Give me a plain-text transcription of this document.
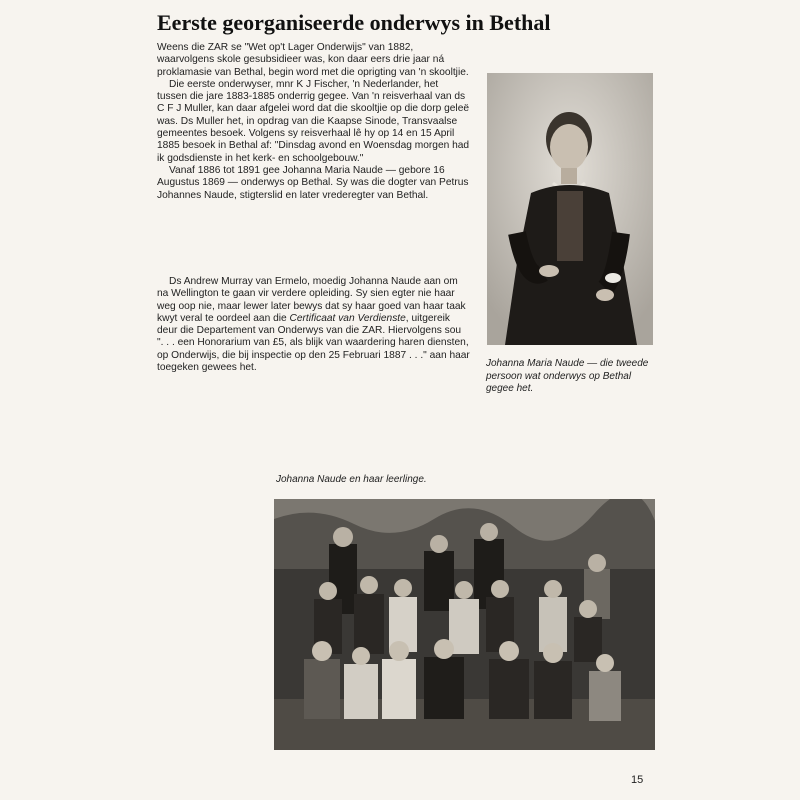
Eerste georganiseerde onderwys in Bethal

Weens die ZAR se "Wet op't Lager Onderwijs" van 1882, waarvolgens skole gesubsidieer was, kon daar eers drie jaar ná proklamasie van Bethal, begin word met die oprigting van 'n skooltjie.

Die eerste onderwyser, mnr K J Fischer, 'n Nederlander, het tussen die jare 1883-1885 onderrig gegee. Van 'n reisverhaal van ds C F J Muller, kan daar afgelei word dat die skooltjie op die dorp geleë was. Ds Muller het, in opdrag van die Kaapse Sinode, Transvaalse gemeentes besoek. Volgens sy reisverhaal lê hy op 14 en 15 April 1885 besoek in Bethal af: "Dinsdag avond en Woensdag morgen had ik godsdienste in het kerk- en schoolgebouw."

Vanaf 1886 tot 1891 gee Johanna Maria Naude — gebore 16 Augustus 1869 — onderwys op Bethal. Sy was die dogter van Petrus Johannes Naude, stigterslid en later vrederegter van Bethal.

Ds Andrew Murray van Ermelo, moedig Johanna Naude aan om na Wellington te gaan vir verdere opleiding. Sy sien egter nie haar weg oop nie, maar lewer later bewys dat sy haar goed van haar taak kwyt veral te oordeel aan die Certificaat van Verdienste, uitgereik deur die Departement van Onderwys van die ZAR. Hiervolgens sou ". . . een Honorarium van £5, als blijk van waardering haren diensten, op Onderwijs, die bij inspectie op den 25 Februari 1887 . . ." aan haar toegeken gewees het.	Johanna Maria Naude — die tweede persoon wat onderwys op Bethal gegee het.
Johanna Naude en haar leerlinge.
15
